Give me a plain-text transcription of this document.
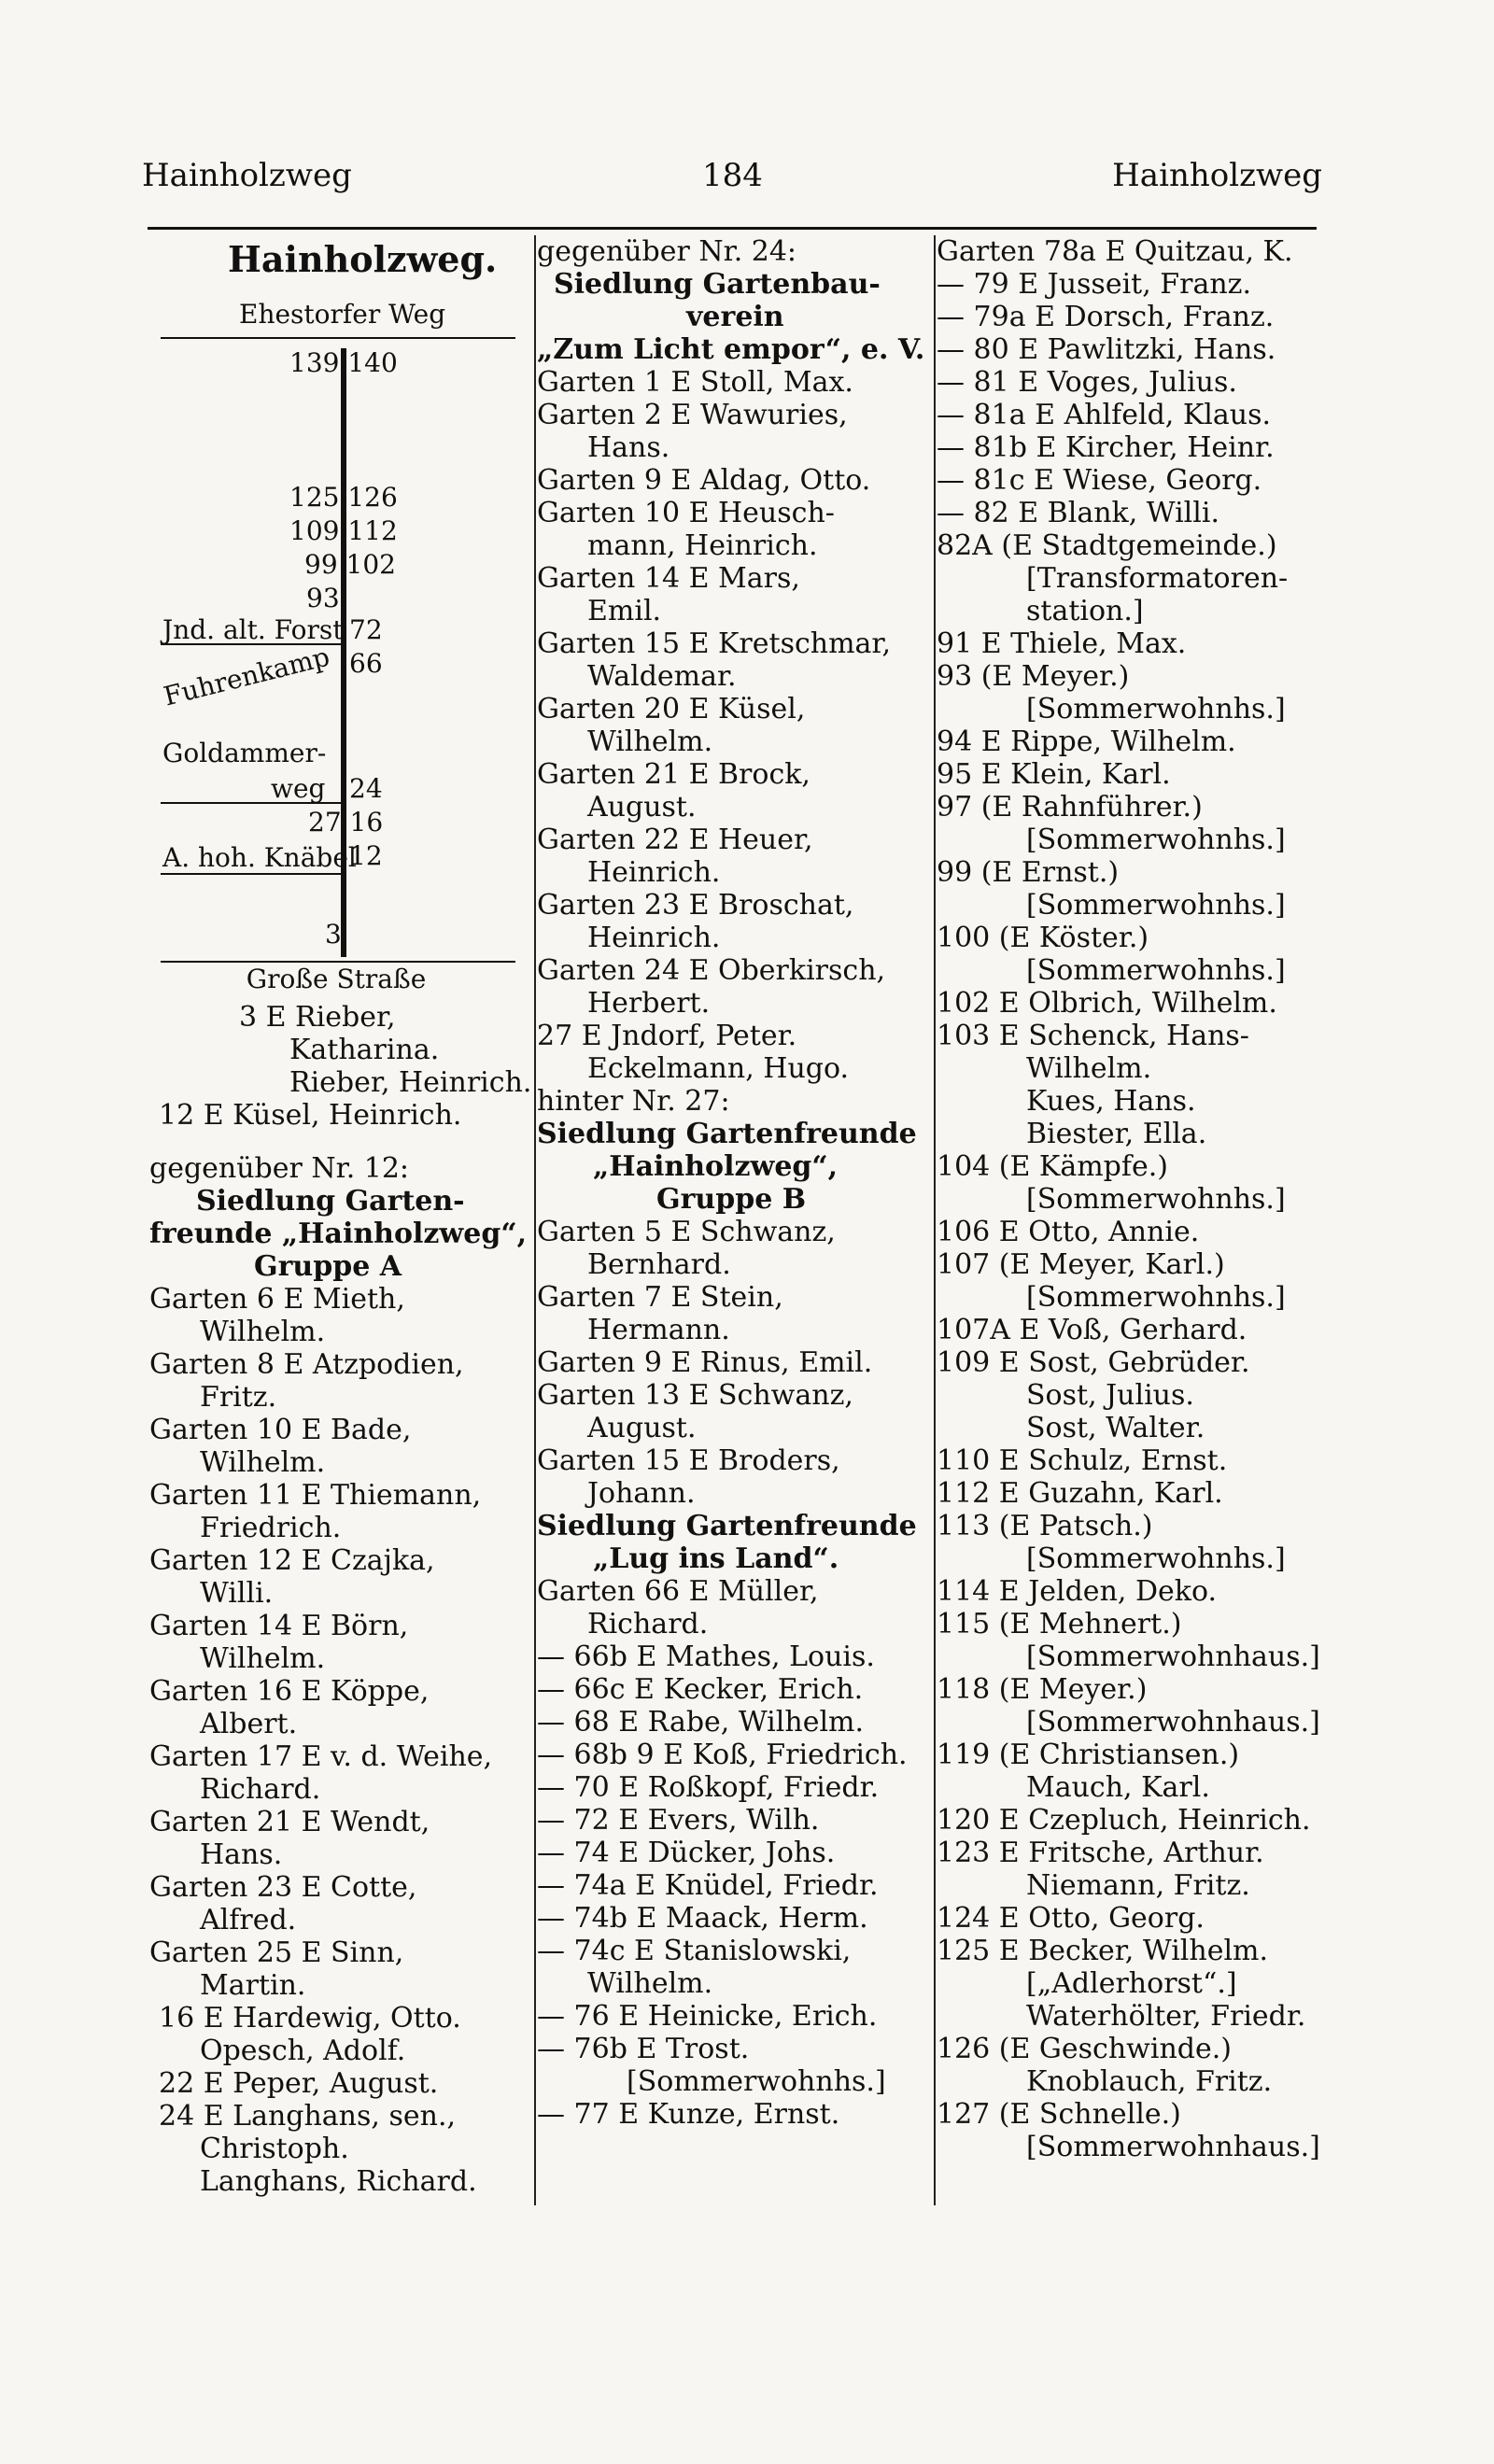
Hainholzweg	184	Hainholzweg
Hainholzweg.
Ehestorfer Weg
139 140
125 126
109 112
99 102
93
Jnd. alt. Forst 72
66
Fuhrenkamp
Goldammer-
weg 24
27 16
A. hoh. Knäbel
12
3
Große Straße
3 E Rieber,
Katharina.
Rieber, Heinrich.
12 E Küsel, Heinrich.
gegenüber Nr. 12:
Siedlung Garten-
freunde „Hainholzweg“,
Gruppe A
Garten 6 E Mieth,
Wilhelm.
Garten 8 E Atzpodien,
Fritz.
Garten 10 E Bade,
Wilhelm.
Garten 11 E Thiemann,
Friedrich.
Garten 12 E Czajka,
Willi.
Garten 14 E Börn,
Wilhelm.
Garten 16 E Köppe,
Albert.
Garten 17 E v. d. Weihe,
Richard.
Garten 21 E Wendt,
Hans.
Garten 23 E Cotte,
Alfred.
Garten 25 E Sinn,
Martin.
16 E Hardewig, Otto.
Opesch, Adolf.
22 E Peper, August.
24 E Langhans, sen.,
Christoph.
Langhans, Richard.
gegenüber Nr. 24:
Siedlung Gartenbau-
verein
„Zum Licht empor“, e. V.
Garten 1 E Stoll, Max.
Garten 2 E Wawuries,
Hans.
Garten 9 E Aldag, Otto.
Garten 10 E Heusch-
mann, Heinrich.
Garten 14 E Mars,
Emil.
Garten 15 E Kretschmar,
Waldemar.
Garten 20 E Küsel,
Wilhelm.
Garten 21 E Brock,
August.
Garten 22 E Heuer,
Heinrich.
Garten 23 E Broschat,
Heinrich.
Garten 24 E Oberkirsch,
Herbert.
27 E Jndorf, Peter.
Eckelmann, Hugo.
hinter Nr. 27:
Siedlung Gartenfreunde
„Hainholzweg“,
Gruppe B
Garten 5 E Schwanz,
Bernhard.
Garten 7 E Stein,
Hermann.
Garten 9 E Rinus, Emil.
Garten 13 E Schwanz,
August.
Garten 15 E Broders,
Johann.
Siedlung Gartenfreunde
„Lug ins Land“.
Garten 66 E Müller,
Richard.
— 66b E Mathes, Louis.
— 66c E Kecker, Erich.
— 68 E Rabe, Wilhelm.
— 68b 9 E Koß, Friedrich.
— 70 E Roßkopf, Friedr.
— 72 E Evers, Wilh.
— 74 E Dücker, Johs.
— 74a E Knüdel, Friedr.
— 74b E Maack, Herm.
— 74c E Stanislowski,
Wilhelm.
— 76 E Heinicke, Erich.
— 76b E Trost.
[Sommerwohnhs.]
— 77 E Kunze, Ernst.
Garten 78a E Quitzau, K.
— 79 E Jusseit, Franz.
— 79a E Dorsch, Franz.
— 80 E Pawlitzki, Hans.
— 81 E Voges, Julius.
— 81a E Ahlfeld, Klaus.
— 81b E Kircher, Heinr.
— 81c E Wiese, Georg.
— 82 E Blank, Willi.
82A (E Stadtgemeinde.)
[Transformatoren-
station.]
91 E Thiele, Max.
93 (E Meyer.)
[Sommerwohnhs.]
94 E Rippe, Wilhelm.
95 E Klein, Karl.
97 (E Rahnführer.)
[Sommerwohnhs.]
99 (E Ernst.)
[Sommerwohnhs.]
100 (E Köster.)
[Sommerwohnhs.]
102 E Olbrich, Wilhelm.
103 E Schenck, Hans-
Wilhelm.
Kues, Hans.
Biester, Ella.
104 (E Kämpfe.)
[Sommerwohnhs.]
106 E Otto, Annie.
107 (E Meyer, Karl.)
[Sommerwohnhs.]
107A E Voß, Gerhard.
109 E Sost, Gebrüder.
Sost, Julius.
Sost, Walter.
110 E Schulz, Ernst.
112 E Guzahn, Karl.
113 (E Patsch.)
[Sommerwohnhs.]
114 E Jelden, Deko.
115 (E Mehnert.)
[Sommerwohnhaus.]
118 (E Meyer.)
[Sommerwohnhaus.]
119 (E Christiansen.)
Mauch, Karl.
120 E Czepluch, Heinrich.
123 E Fritsche, Arthur.
Niemann, Fritz.
124 E Otto, Georg.
125 E Becker, Wilhelm.
[„Adlerhorst“.]
Waterhölter, Friedr.
126 (E Geschwinde.)
Knoblauch, Fritz.
127 (E Schnelle.)
[Sommerwohnhaus.]
